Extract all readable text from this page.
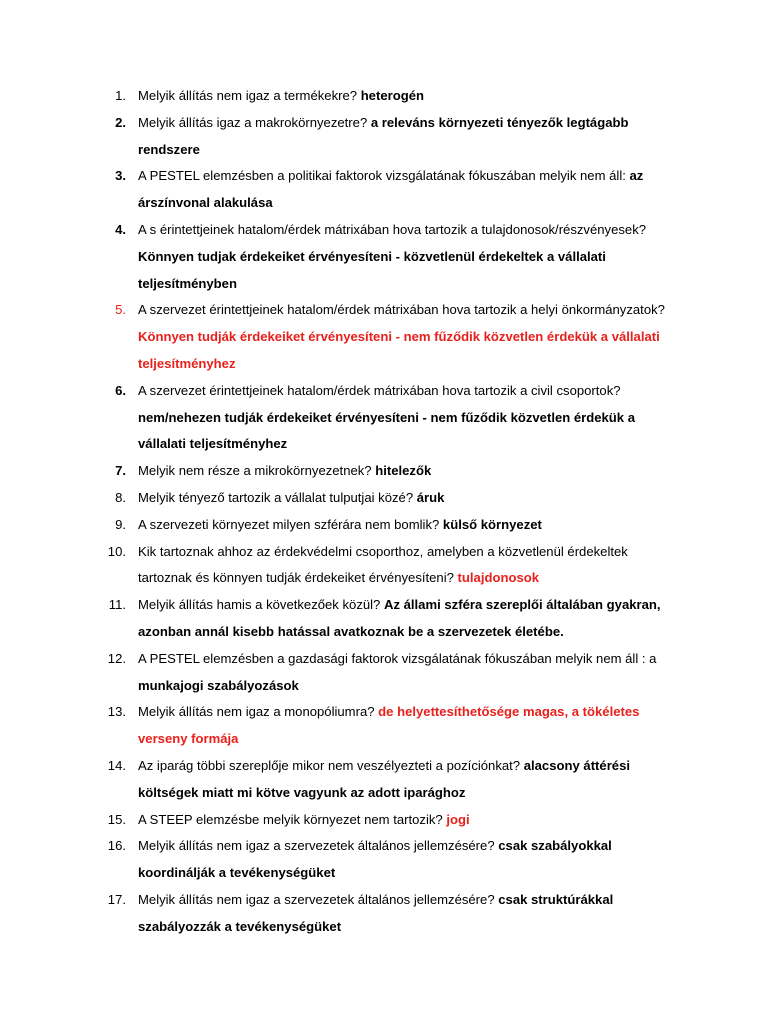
1. Melyik állítás nem igaz a termékekre? heterogén
2. Melyik állítás igaz a makrokörnyezetre? a releváns környezeti tényezők legtágabb rendszere
3. A PESTEL elemzésben a politikai faktorok vizsgálatának fókuszában melyik nem áll: az árszínvonal alakulása
4. A s érintettjeinek hatalom/érdek mátrixában hova tartozik a tulajdonosok/részvényesek? Könnyen tudjak érdekeiket érvényesíteni - közvetlenül érdekeltek a vállalati teljesítményben
5. A szervezet érintettjeinek hatalom/érdek mátrixában hova tartozik a helyi önkormányzatok? Könnyen tudják érdekeiket érvényesíteni - nem fűződik közvetlen érdekük a vállalati teljesítményhez
6. A szervezet érintettjeinek hatalom/érdek mátrixában hova tartozik a civil csoportok? nem/nehezen tudják érdekeiket érvényesíteni - nem fűződik közvetlen érdekük a vállalati teljesítményhez
7. Melyik nem része a mikrokörnyezetnek? hitelezők
8. Melyik tényező tartozik a vállalat tulputjai közé? áruk
9. A szervezeti környezet milyen szférára nem bomlik? külső környezet
10. Kik tartoznak ahhoz az érdekvédelmi csoporthoz, amelyben a közvetlenül érdekeltek tartoznak és könnyen tudják érdekeiket érvényesíteni? tulajdonosok
11. Melyik állítás hamis a következőek közül? Az állami szféra szereplői általában gyakran, azonban annál kisebb hatással avatkoznak be a szervezetek életébe.
12. A PESTEL elemzésben a gazdasági faktorok vizsgálatának fókuszában melyik nem áll : a munkajogi szabályozások
13. Melyik állítás nem igaz a monopóliumra? de helyettesíthetősége magas, a tökéletes verseny formája
14. Az iparág többi szereplője mikor nem veszélyezteti a pozíciónkat? alacsony áttérési költségek miatt mi kötve vagyunk az adott iparághoz
15. A STEEP elemzésbe melyik környezet nem tartozik? jogi
16. Melyik állítás nem igaz a szervezetek általános jellemzésére? csak szabályokkal koordinálják a tevékenységüket
17. Melyik állítás nem igaz a szervezetek általános jellemzésére? csak struktúrákkal szabályozzák a tevékenységüket
